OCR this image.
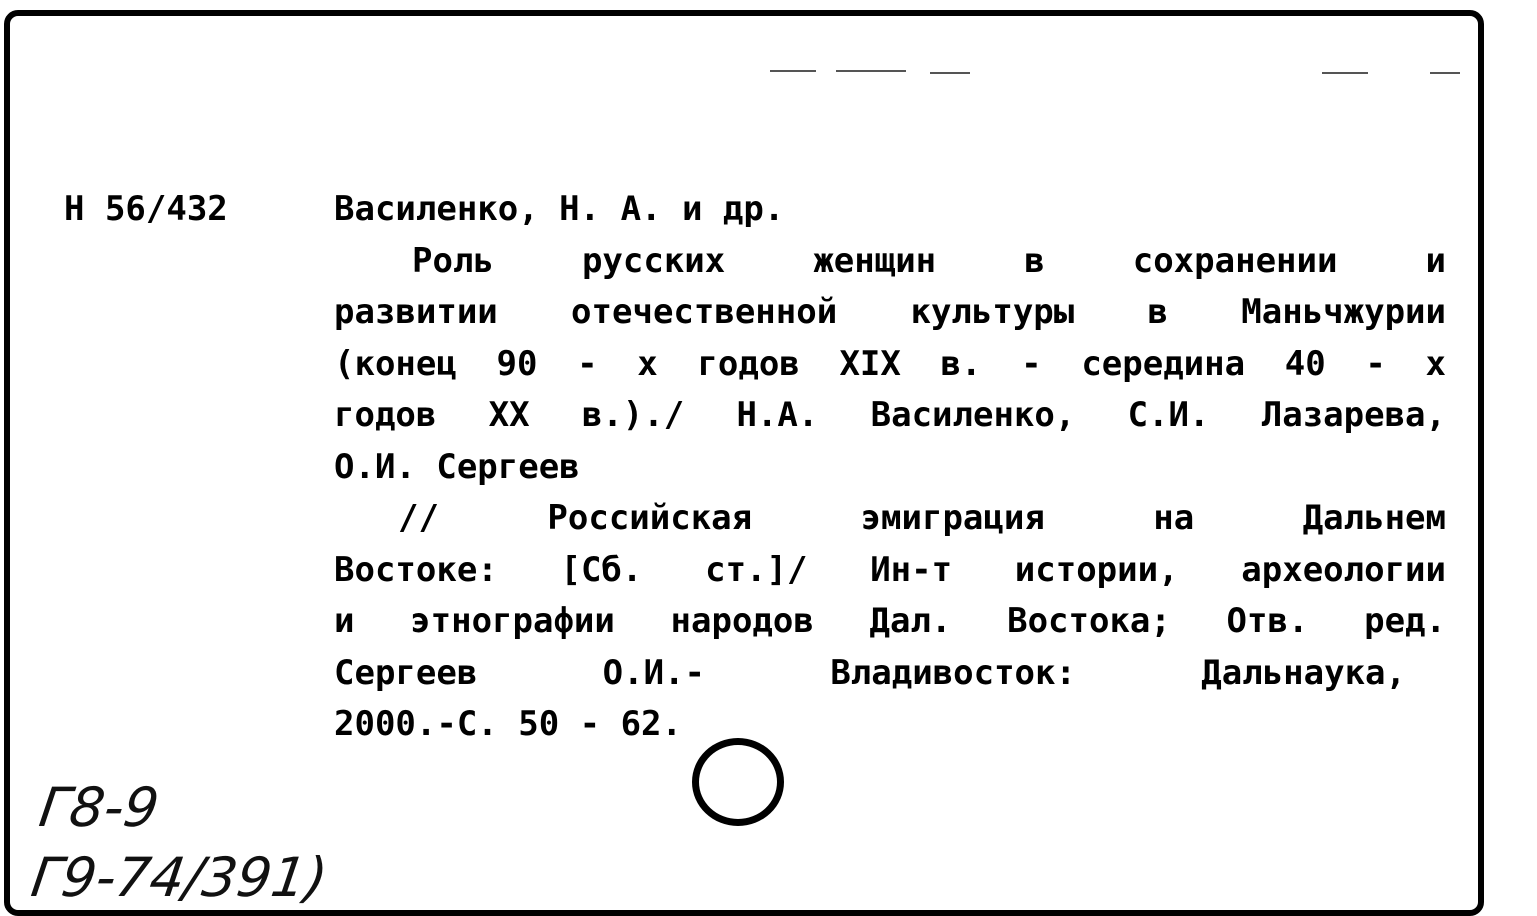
Н 56/432	Василенко, Н. А. и др.
Роль русских женщин в сохранении и
развитии отечественной культуры в Маньчжурии
(конец 90 - х годов XIX в. - середина 40 - х
годов XX в.)./ Н.А. Василенко, С.И. Лазарева,
О.И. Сергеев
// Российская эмиграция на Дальнем
Востоке: [Сб. ст.]/ Ин-т истории, археологии
и этнографии народов Дал. Востока; Отв. ред.
Сергеев О.И.- Владивосток: Дальнаука,
2000.-С. 50 - 62.
Г8-9
Г9-74/391)
